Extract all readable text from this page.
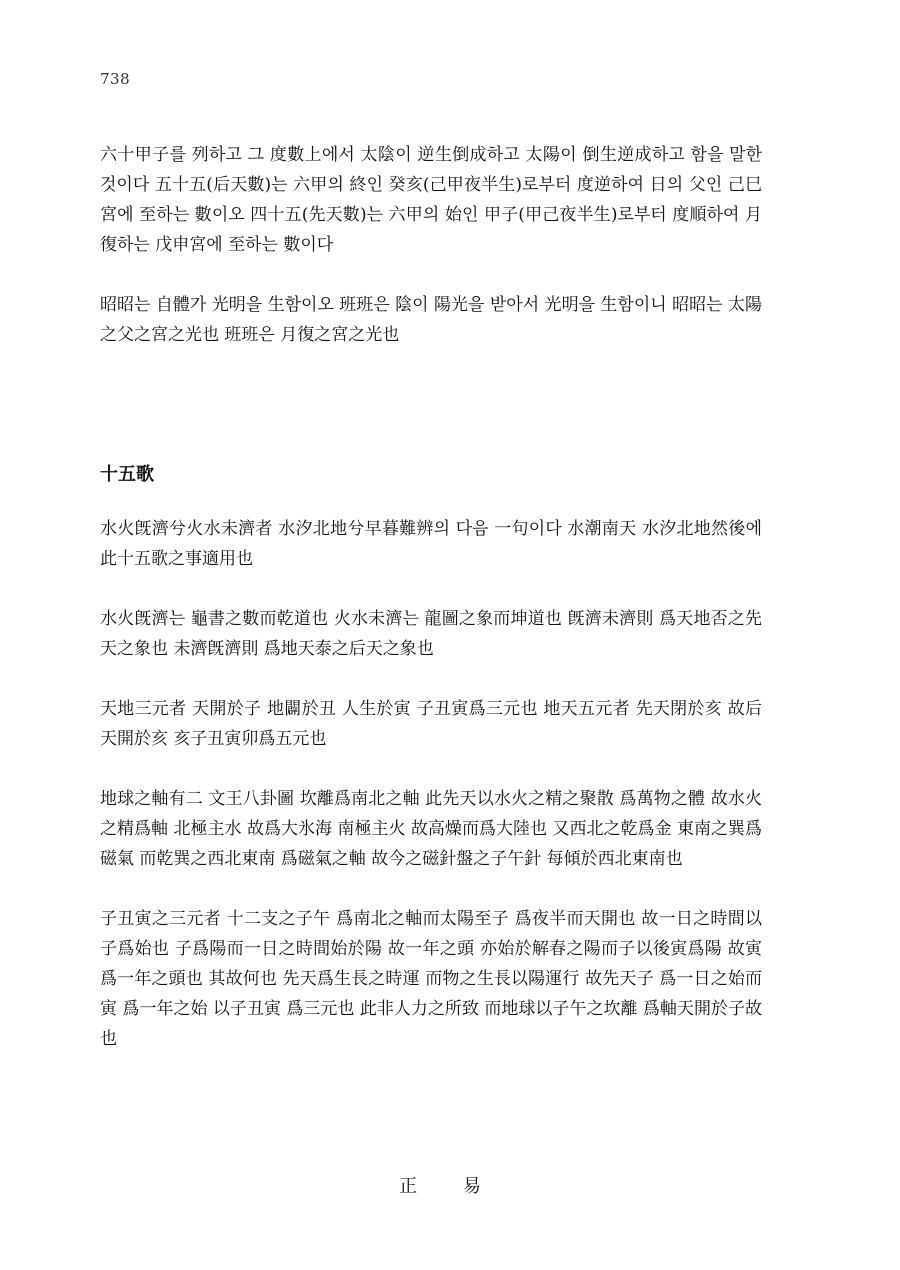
738

六十甲子를 列하고 그 度數上에서 太陰이 逆生倒成하고 太陽이 倒生逆成하고 함을 말한 것이다 五十五(后天數)는 六甲의 終인 癸亥(己甲夜半生)로부터 度逆하여 日의 父인 己巳宮에 至하는 數이오 四十五(先天數)는 六甲의 始인 甲子(甲己夜半生)로부터 度順하여 月復하는 戊申宮에 至하는 數이다

昭昭는 自體가 光明을 生함이오 班班은 陰이 陽光을 받아서 光明을 生함이니 昭昭는 太陽之父之宮之光也 班班은 月復之宮之光也

十五歌

水火旣濟兮火水未濟者 水汐北地兮早暮難辨의 다음 一句이다 水潮南天 水汐北地然後에 此十五歌之事適用也

水火旣濟는 龜書之數而乾道也 火水未濟는 龍圖之象而坤道也 旣濟未濟則 爲天地否之先天之象也 未濟旣濟則 爲地天泰之后天之象也

天地三元者 天開於子 地闢於丑 人生於寅 子丑寅爲三元也 地天五元者 先天閉於亥 故后天開於亥 亥子丑寅卯爲五元也

地球之軸有二 文王八卦圖 坎離爲南北之軸 此先天以水火之精之聚散 爲萬物之體 故水火之精爲軸 北極主水 故爲大氷海 南極主火 故高燥而爲大陸也 又西北之乾爲金 東南之巽爲磁氣 而乾巽之西北東南 爲磁氣之軸 故今之磁針盤之子午針 每傾於西北東南也

子丑寅之三元者 十二支之子午 爲南北之軸而太陽至子 爲夜半而天開也 故一日之時間以子爲始也 子爲陽而一日之時間始於陽 故一年之頭 亦始於解春之陽而子以後寅爲陽 故寅爲一年之頭也 其故何也 先天爲生長之時運 而物之生長以陽運行 故先天子 爲一日之始而寅 爲一年之始 以子丑寅 爲三元也 此非人力之所致 而地球以子午之坎離 爲軸天開於子故也

正 易
